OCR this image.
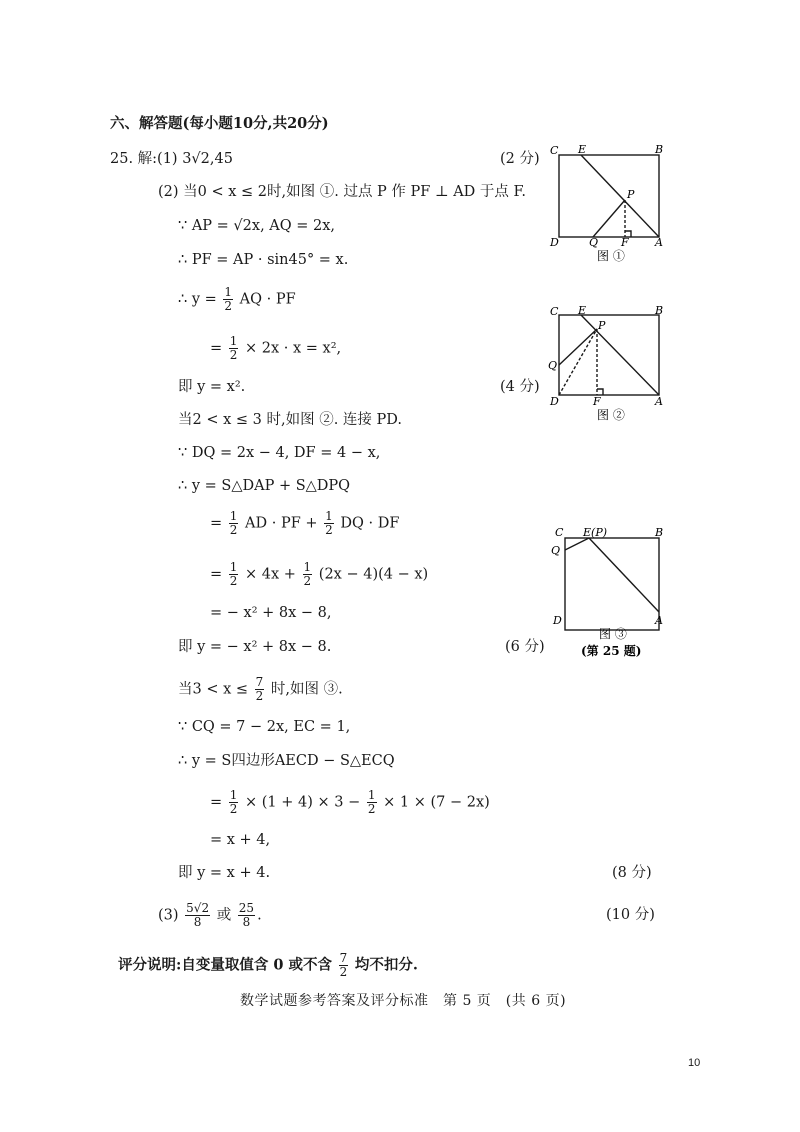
六、解答题(每小题10分,共20分)
25. 解:(1) 3√2,45	(2 分)
(2) 当0 < x ≤ 2时,如图 ①. 过点 P 作 PF ⊥ AD 于点 F.
∵ AP = √2x, AQ = 2x,
∴ PF = AP · sin45° = x.
∴ $y = \frac{1}{2}$ AQ · PF
= $\frac{1}{2} \times 2x \cdot x = x^2$,
即 y = x².	(4 分)
当2 < x ≤ 3 时,如图 ②. 连接 PD.
∵ DQ = 2x − 4, DF = 4 − x,
∴ y = S△DAP + S△DPQ
= $\frac{1}{2}$ AD · PF + $\frac{1}{2}$ DQ · DF
= $\frac{1}{2} \times 4x + \frac{1}{2} (2x - 4)(4 - x)$
= − x² + 8x − 8,
即 y = − x² + 8x − 8.	(6 分)
当$3 < x \le \frac{7}{2}$ 时,如图 ③.
∵ CQ = 7 − 2x, EC = 1,
∴ y = S四边形AECD − S△ECQ
= $\frac{1}{2} \times (1 + 4) \times 3 - \frac{1}{2} \times 1 \times (7 - 2x)$
= x + 4,
即 y = x + 4.	(8 分)
$(3) \frac{5√2}{8}$ 或 $\frac{25}{8}$ .	(10 分)
评分说明:自变量取值含 0 或不含 $\frac{7}{2}$ 均不扣分.
C E	B
P
D	Q F A
图 ①
C E	B
P
Q
D	F	A
图 ②
C E(P)	B
Q
D	A
图 ③
(第 25 题)
数学试题参考答案及评分标准　第 5 页　(共 6 页)
10
